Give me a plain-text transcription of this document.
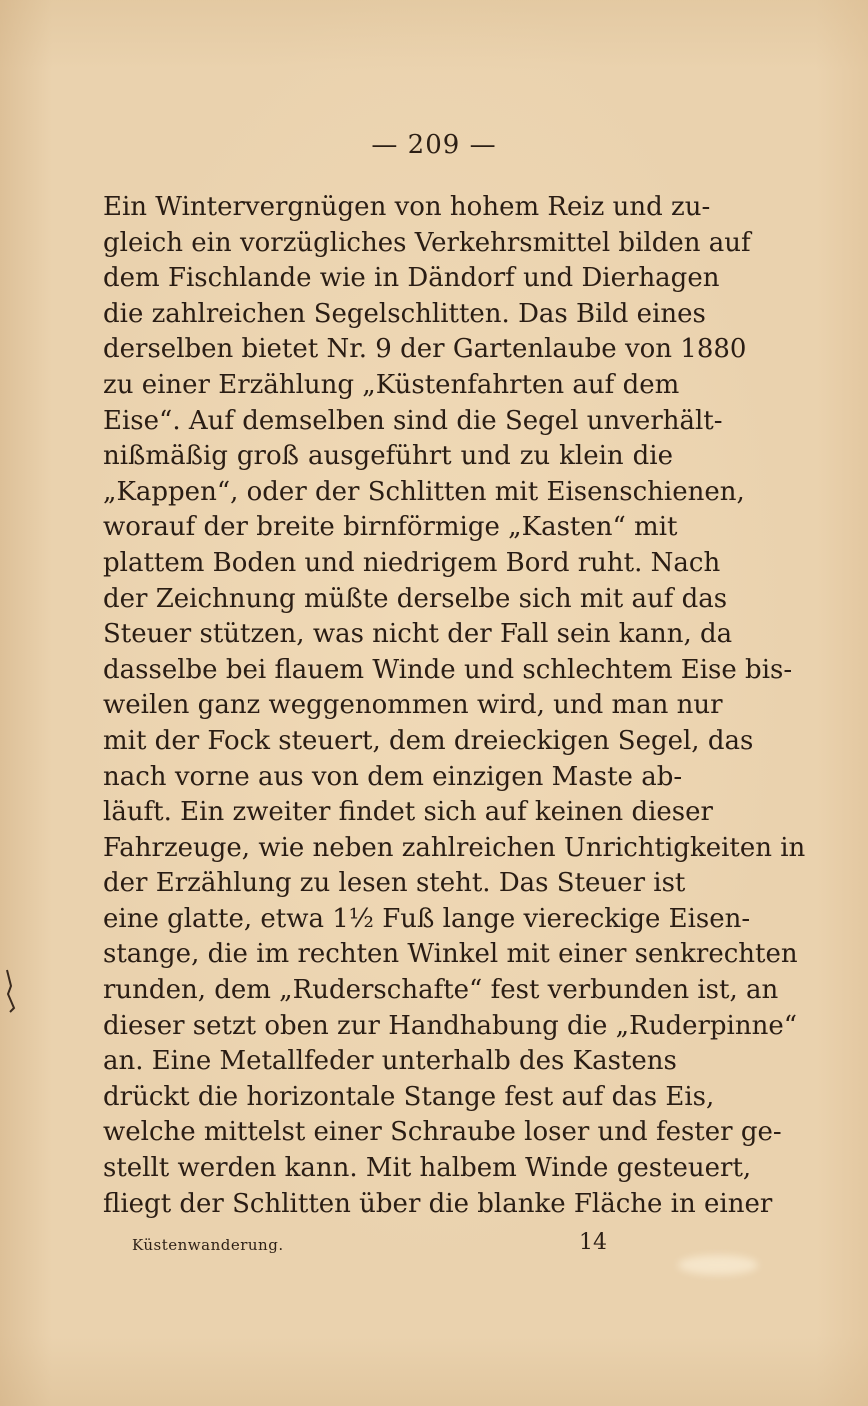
— 209 —
Ein Wintervergnügen von hohem Reiz und zu-
gleich ein vorzügliches Verkehrsmittel bilden auf
dem Fischlande wie in Dändorf und Dierhagen
die zahlreichen Segelschlitten. Das Bild eines
derselben bietet Nr. 9 der Gartenlaube von 1880
zu einer Erzählung „Küstenfahrten auf dem
Eise“. Auf demselben sind die Segel unverhält-
nißmäßig groß ausgeführt und zu klein die
„Kappen“, oder der Schlitten mit Eisenschienen,
worauf der breite birnförmige „Kasten“ mit
plattem Boden und niedrigem Bord ruht. Nach
der Zeichnung müßte derselbe sich mit auf das
Steuer stützen, was nicht der Fall sein kann, da
dasselbe bei flauem Winde und schlechtem Eise bis-
weilen ganz weggenommen wird, und man nur
mit der Fock steuert, dem dreieckigen Segel, das
nach vorne aus von dem einzigen Maste ab-
läuft. Ein zweiter findet sich auf keinen dieser
Fahrzeuge, wie neben zahlreichen Unrichtigkeiten in
der Erzählung zu lesen steht. Das Steuer ist
eine glatte, etwa 1½ Fuß lange viereckige Eisen-
stange, die im rechten Winkel mit einer senkrechten
runden, dem „Ruderschafte“ fest verbunden ist, an
dieser setzt oben zur Handhabung die „Ruderpinne“
an. Eine Metallfeder unterhalb des Kastens
drückt die horizontale Stange fest auf das Eis,
welche mittelst einer Schraube loser und fester ge-
stellt werden kann. Mit halbem Winde gesteuert,
fliegt der Schlitten über die blanke Fläche in einer
Küstenwanderung.	14
